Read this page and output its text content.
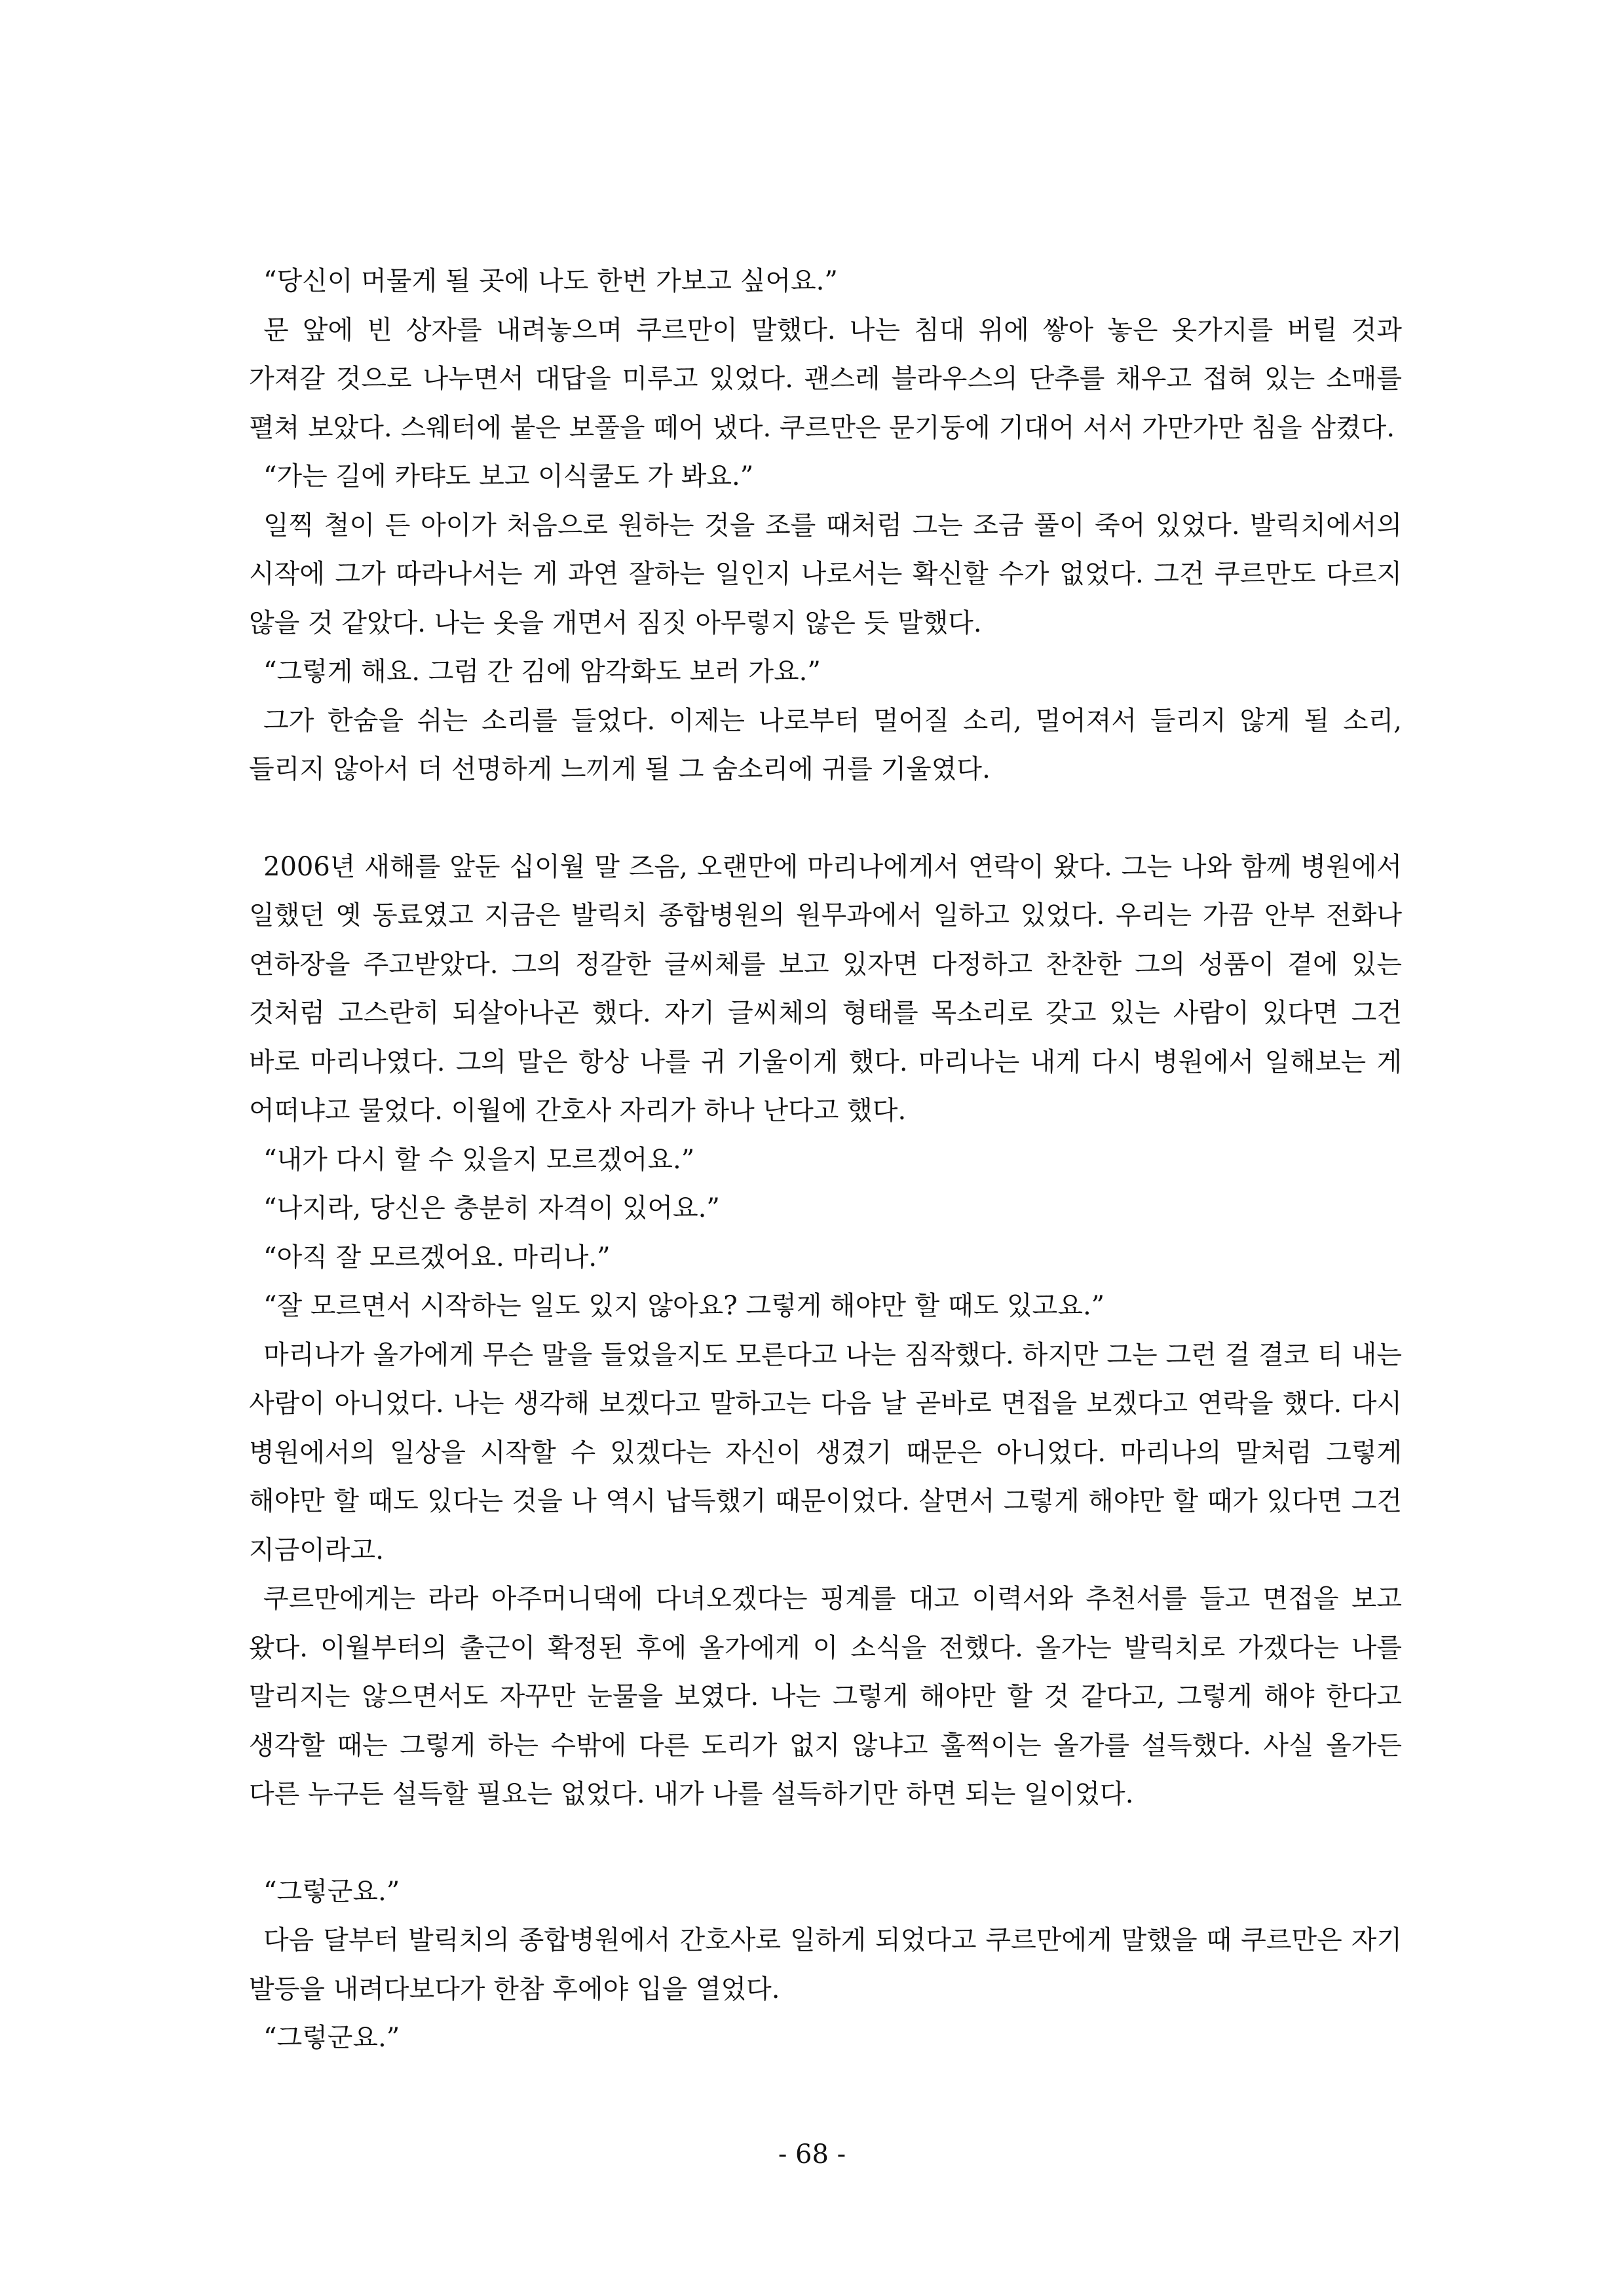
“당신이 머물게 될 곳에 나도 한번 가보고 싶어요.”

문 앞에 빈 상자를 내려놓으며 쿠르만이 말했다. 나는 침대 위에 쌓아 놓은 옷가지를 버릴 것과 가져갈 것으로 나누면서 대답을 미루고 있었다. 괜스레 블라우스의 단추를 채우고 접혀 있는 소매를 펼쳐 보았다. 스웨터에 붙은 보풀을 떼어 냈다. 쿠르만은 문기둥에 기대어 서서 가만가만 침을 삼켰다.

“가는 길에 카탸도 보고 이식쿨도 가 봐요.”

일찍 철이 든 아이가 처음으로 원하는 것을 조를 때처럼 그는 조금 풀이 죽어 있었다. 발릭치에서의 시작에 그가 따라나서는 게 과연 잘하는 일인지 나로서는 확신할 수가 없었다. 그건 쿠르만도 다르지 않을 것 같았다. 나는 옷을 개면서 짐짓 아무렇지 않은 듯 말했다.

“그렇게 해요. 그럼 간 김에 암각화도 보러 가요.”

그가 한숨을 쉬는 소리를 들었다. 이제는 나로부터 멀어질 소리, 멀어져서 들리지 않게 될 소리, 들리지 않아서 더 선명하게 느끼게 될 그 숨소리에 귀를 기울였다.

2006년 새해를 앞둔 십이월 말 즈음, 오랜만에 마리나에게서 연락이 왔다. 그는 나와 함께 병원에서 일했던 옛 동료였고 지금은 발릭치 종합병원의 원무과에서 일하고 있었다. 우리는 가끔 안부 전화나 연하장을 주고받았다. 그의 정갈한 글씨체를 보고 있자면 다정하고 찬찬한 그의 성품이 곁에 있는 것처럼 고스란히 되살아나곤 했다. 자기 글씨체의 형태를 목소리로 갖고 있는 사람이 있다면 그건 바로 마리나였다. 그의 말은 항상 나를 귀 기울이게 했다. 마리나는 내게 다시 병원에서 일해보는 게 어떠냐고 물었다. 이월에 간호사 자리가 하나 난다고 했다.

“내가 다시 할 수 있을지 모르겠어요.”

“나지라, 당신은 충분히 자격이 있어요.”

“아직 잘 모르겠어요. 마리나.”

“잘 모르면서 시작하는 일도 있지 않아요? 그렇게 해야만 할 때도 있고요.”

마리나가 올가에게 무슨 말을 들었을지도 모른다고 나는 짐작했다. 하지만 그는 그런 걸 결코 티 내는 사람이 아니었다. 나는 생각해 보겠다고 말하고는 다음 날 곧바로 면접을 보겠다고 연락을 했다. 다시 병원에서의 일상을 시작할 수 있겠다는 자신이 생겼기 때문은 아니었다. 마리나의 말처럼 그렇게 해야만 할 때도 있다는 것을 나 역시 납득했기 때문이었다. 살면서 그렇게 해야만 할 때가 있다면 그건 지금이라고.

쿠르만에게는 라라 아주머니댁에 다녀오겠다는 핑계를 대고 이력서와 추천서를 들고 면접을 보고 왔다. 이월부터의 출근이 확정된 후에 올가에게 이 소식을 전했다. 올가는 발릭치로 가겠다는 나를 말리지는 않으면서도 자꾸만 눈물을 보였다. 나는 그렇게 해야만 할 것 같다고, 그렇게 해야 한다고 생각할 때는 그렇게 하는 수밖에 다른 도리가 없지 않냐고 훌쩍이는 올가를 설득했다. 사실 올가든 다른 누구든 설득할 필요는 없었다. 내가 나를 설득하기만 하면 되는 일이었다.

“그렇군요.”

다음 달부터 발릭치의 종합병원에서 간호사로 일하게 되었다고 쿠르만에게 말했을 때 쿠르만은 자기 발등을 내려다보다가 한참 후에야 입을 열었다.

“그렇군요.”

- 68 -
